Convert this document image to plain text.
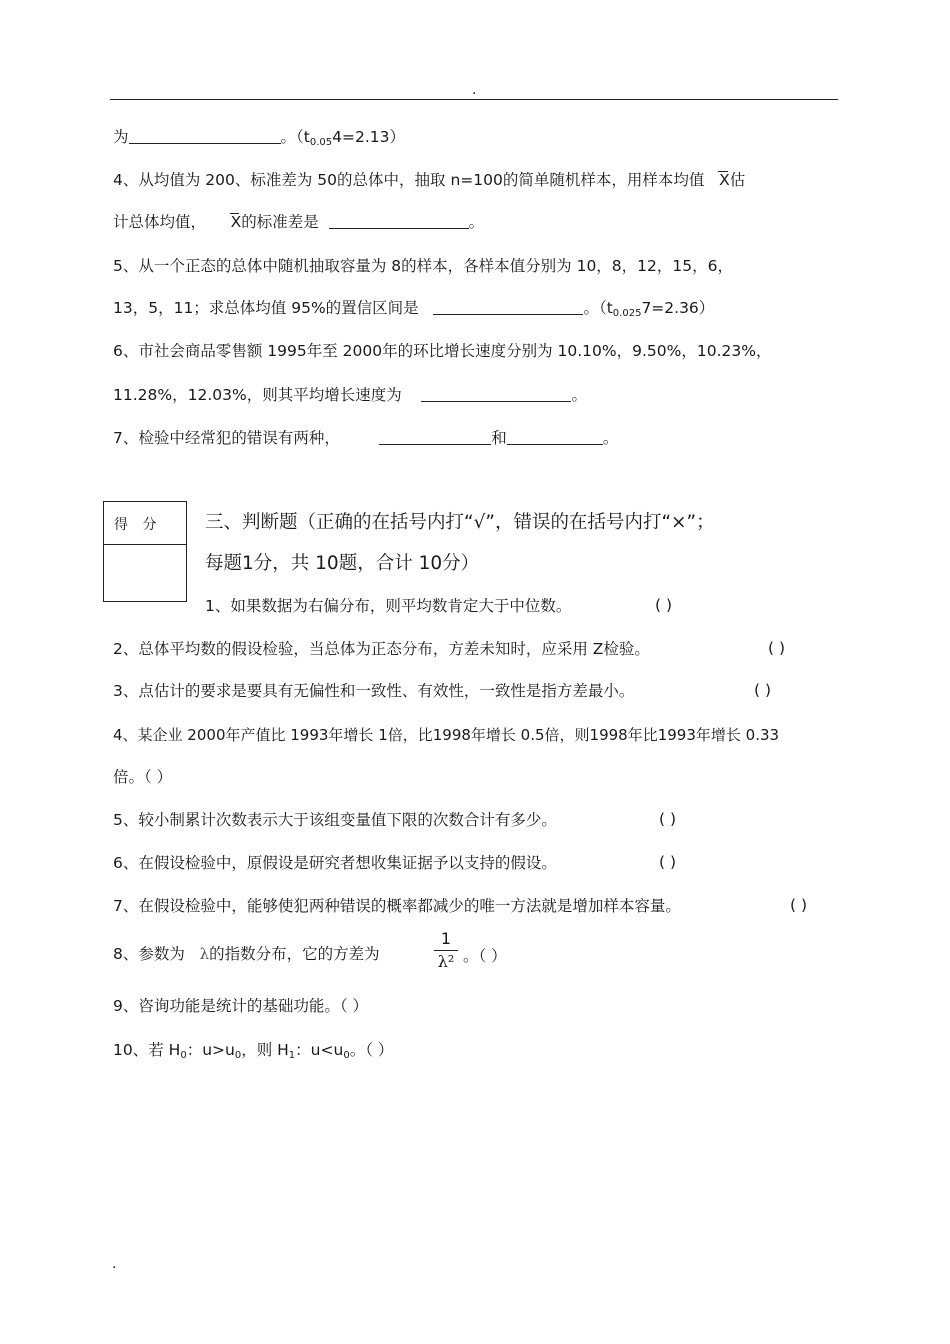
.
为	。$(t_{0.05}4=2.13)$
4、从均值为 200、标准差为 50的总体中，抽取 n=100的简单随机样本，用样本均值 X估
计总体均值， X的标准差是	。
5、从一个正态的总体中随机抽取容量为 8的样本，各样本值分别为 10，8，12，15，6，
13，5，11；求总体均值 95%的置信区间是	。$(t_{0.025}7=2.36)$
6、市社会商品零售额 1995年至 2000年的环比增长速度分别为 10.10%，9.50%，10.23%，
11.28%，12.03%，则其平均增长速度为	。
7、检验中经常犯的错误有两种，	和	。
得 分 三、判断题（正确的在括号内打“√”，错误的在括号内打“×”；
每题1分，共 10题，合计 10分）
1、如果数据为右偏分布，则平均数肯定大于中位数。	( )
2、总体平均数的假设检验，当总体为正态分布，方差未知时，应采用 Z检验。	( )
3、点估计的要求是要具有无偏性和一致性、有效性，一致性是指方差最小。	( )
4、某企业 2000年产值比 1993年增长 1倍，比1998年增长 0.5倍，则1998年比1993年增长 0.33
倍。（ ）
5、较小制累计次数表示大于该组变量值下限的次数合计有多少。	( )
6、在假设检验中，原假设是研究者想收集证据予以支持的假设。	( )
7、在假设检验中，能够使犯两种错误的概率都减少的唯一方法就是增加样本容量。	( )
8、参数为 λ的指数分布，它的方差为
1
λ² 。（ ）
9、咨询功能是统计的基础功能。（ ）
10、若 $H_0$：$u>u_0$，则 $H_1$：$u<u_0$。（ ）
.
